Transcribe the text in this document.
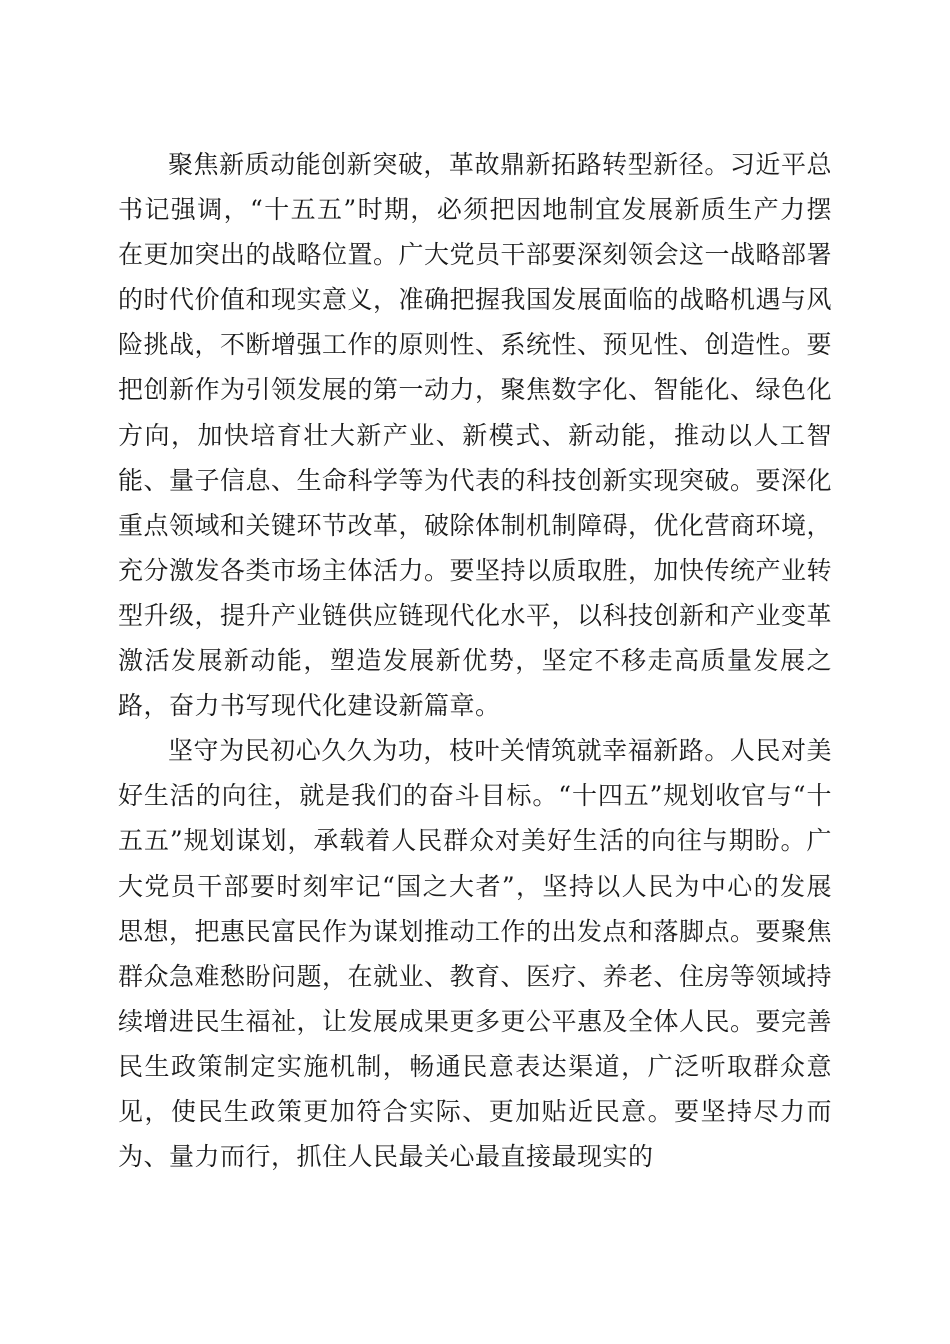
聚焦新质动能创新突破，革故鼎新拓路转型新径。习近平总书记强调，“十五五”时期，必须把因地制宜发展新质生产力摆在更加突出的战略位置。广大党员干部要深刻领会这一战略部署的时代价值和现实意义，准确把握我国发展面临的战略机遇与风险挑战，不断增强工作的原则性、系统性、预见性、创造性。要把创新作为引领发展的第一动力，聚焦数字化、智能化、绿色化方向，加快培育壮大新产业、新模式、新动能，推动以人工智能、量子信息、生命科学等为代表的科技创新实现突破。要深化重点领域和关键环节改革，破除体制机制障碍，优化营商环境，充分激发各类市场主体活力。要坚持以质取胜，加快传统产业转型升级，提升产业链供应链现代化水平，以科技创新和产业变革激活发展新动能，塑造发展新优势，坚定不移走高质量发展之路，奋力书写现代化建设新篇章。

坚守为民初心久久为功，枝叶关情筑就幸福新路。人民对美好生活的向往，就是我们的奋斗目标。“十四五”规划收官与“十五五”规划谋划，承载着人民群众对美好生活的向往与期盼。广大党员干部要时刻牢记“国之大者”，坚持以人民为中心的发展思想，把惠民富民作为谋划推动工作的出发点和落脚点。要聚焦群众急难愁盼问题，在就业、教育、医疗、养老、住房等领域持续增进民生福祉，让发展成果更多更公平惠及全体人民。要完善民生政策制定实施机制，畅通民意表达渠道，广泛听取群众意见，使民生政策更加符合实际、更加贴近民意。要坚持尽力而为、量力而行，抓住人民最关心最直接最现实的
